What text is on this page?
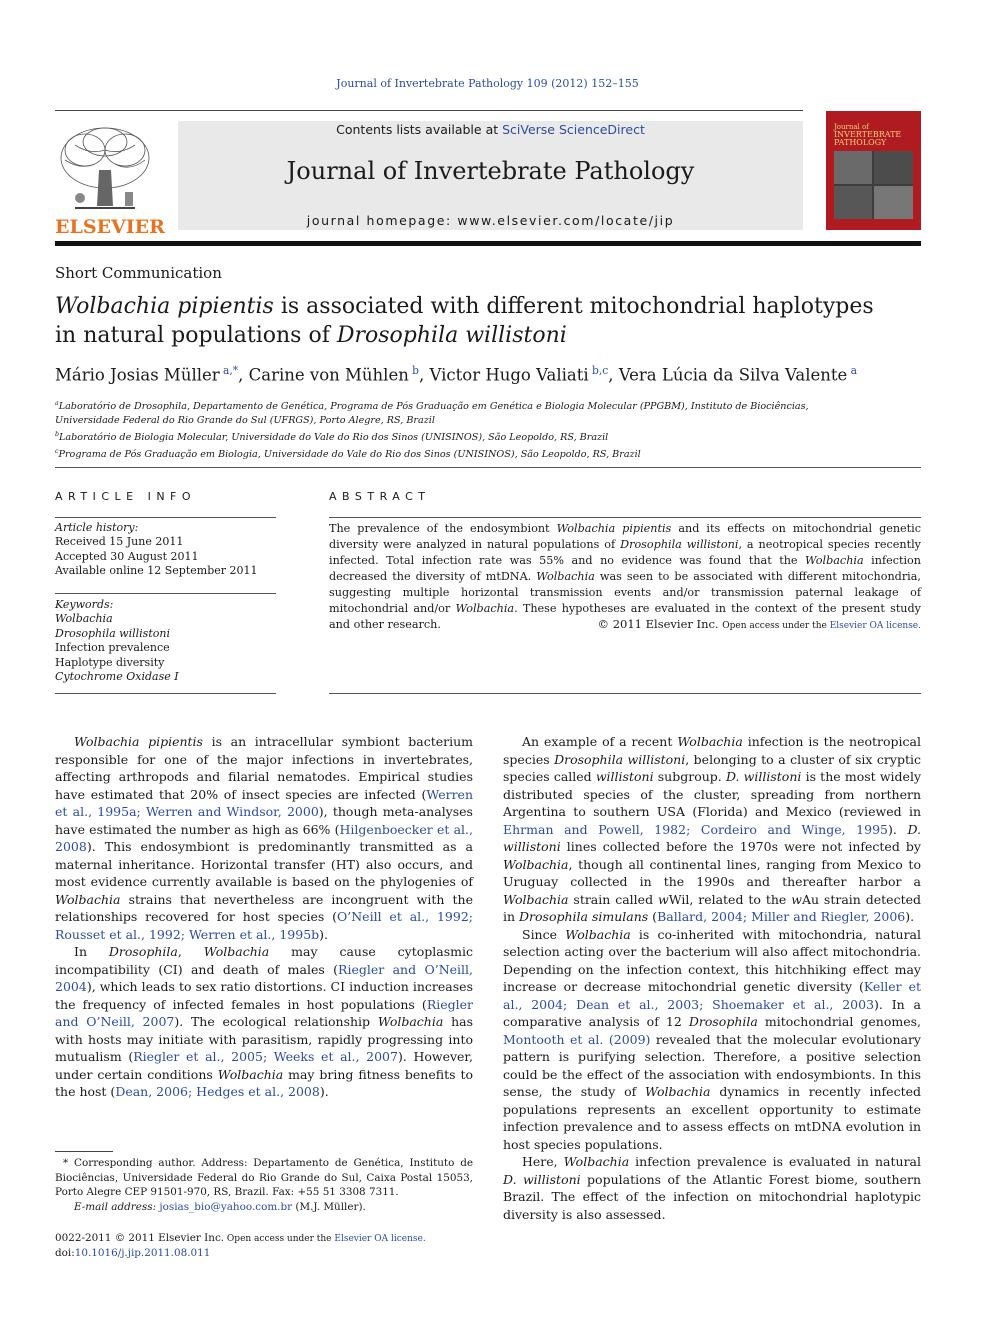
Journal of Invertebrate Pathology 109 (2012) 152–155
ELSEVIER
Contents lists available at SciVerse ScienceDirect
Journal of Invertebrate Pathology
journal homepage: www.elsevier.com/locate/jip
Journal of
INVERTEBRATE
PATHOLOGY
Short Communication
Wolbachia pipientis is associated with different mitochondrial haplotypes
in natural populations of Drosophila willistoni
Mário Josias Müller  $^{a,*}$, Carine von Mühlen  $^b$, Victor Hugo Valiati  $^{b,c}$, Vera Lúcia da Silva Valente  $^a$
$^a$Laboratório de Drosophila, Departamento de Genética, Programa de Pós Graduação em Genética e Biologia Molecular (PPGBM), Instituto de Biociências,
Universidade Federal do Rio Grande do Sul (UFRGS), Porto Alegre, RS, Brazil
$^b$Laboratório de Biologia Molecular, Universidade do Vale do Rio dos Sinos (UNISINOS), São Leopoldo, RS, Brazil
$^c$Programa de Pós Graduação em Biologia, Universidade do Vale do Rio dos Sinos (UNISINOS), São Leopoldo, RS, Brazil
ARTICLE INFO	ABSTRACT
Article history:
Received 15 June 2011
Accepted 30 August 2011
Available online 12 September 2011
Keywords:
Wolbachia
Drosophila willistoni
Infection prevalence
Haplotype diversity
Cytochrome Oxidase I
The prevalence of the endosymbiont Wolbachia pipientis and its effects on mitochondrial genetic diversity were analyzed in natural populations of Drosophila willistoni, a neotropical species recently infected. Total infection rate was 55% and no evidence was found that the Wolbachia infection decreased the diversity of mtDNA. Wolbachia was seen to be associated with different mitochondria, suggesting multiple horizontal transmission events and/or transmission paternal leakage of mitochondrial and/or Wolbachia. These hypotheses are evaluated in the context of the present study and other research.	© 2011 Elsevier Inc. Open access under the Elsevier OA license.

Wolbachia pipientis is an intracellular symbiont bacterium responsible for one of the major infections in invertebrates, affecting arthropods and filarial nematodes. Empirical studies have estimated that 20% of insect species are infected (Werren et al., 1995a; Werren and Windsor, 2000), though meta-analyses have estimated the number as high as 66% (Hilgenboecker et al., 2008). This endosymbiont is predominantly transmitted as a maternal inheritance. Horizontal transfer (HT) also occurs, and most evidence currently available is based on the phylogenies of Wolbachia strains that nevertheless are incongruent with the relationships recovered for host species (O’Neill et al., 1992; Rousset et al., 1992; Werren et al., 1995b).

In Drosophila, Wolbachia may cause cytoplasmic incompatibility (CI) and death of males (Riegler and O’Neill, 2004), which leads to sex ratio distortions. CI induction increases the frequency of infected females in host populations (Riegler and O’Neill, 2007). The ecological relationship Wolbachia has with hosts may initiate with parasitism, rapidly progressing into mutualism (Riegler et al., 2005; Weeks et al., 2007). However, under certain conditions Wolbachia may bring fitness benefits to the host (Dean, 2006; Hedges et al., 2008).

An example of a recent Wolbachia infection is the neotropical species Drosophila willistoni, belonging to a cluster of six cryptic species called willistoni subgroup. D. willistoni is the most widely distributed species of the cluster, spreading from northern Argentina to southern USA (Florida) and Mexico (reviewed in Ehrman and Powell, 1982; Cordeiro and Winge, 1995). D. willistoni lines collected before the 1970s were not infected by Wolbachia, though all continental lines, ranging from Mexico to Uruguay collected in the 1990s and thereafter harbor a Wolbachia strain called wWil, related to the wAu strain detected in Drosophila simulans (Ballard, 2004; Miller and Riegler, 2006).

Since Wolbachia is co-inherited with mitochondria, natural selection acting over the bacterium will also affect mitochondria. Depending on the infection context, this hitchhiking effect may increase or decrease mitochondrial genetic diversity (Keller et al., 2004; Dean et al., 2003; Shoemaker et al., 2003). In a comparative analysis of 12 Drosophila mitochondrial genomes, Montooth et al. (2009) revealed that the molecular evolutionary pattern is purifying selection. Therefore, a positive selection could be the effect of the association with endosymbionts. In this sense, the study of Wolbachia dynamics in recently infected populations represents an excellent opportunity to estimate infection prevalence and to assess effects on mtDNA evolution in host species populations.

Here, Wolbachia infection prevalence is evaluated in natural D. willistoni populations of the Atlantic Forest biome, southern Brazil. The effect of the infection on mitochondrial haplotypic diversity is also assessed.

* Corresponding author. Address: Departamento de Genética, Instituto de Biociências, Universidade Federal do Rio Grande do Sul, Caixa Postal 15053, Porto Alegre CEP 91501-970, RS, Brazil. Fax: +55 51 3308 7311.
E-mail address: josias_bio@yahoo.com.br (M.J. Müller).
0022-2011 © 2011 Elsevier Inc. Open access under the Elsevier OA license.
doi:10.1016/j.jip.2011.08.011
